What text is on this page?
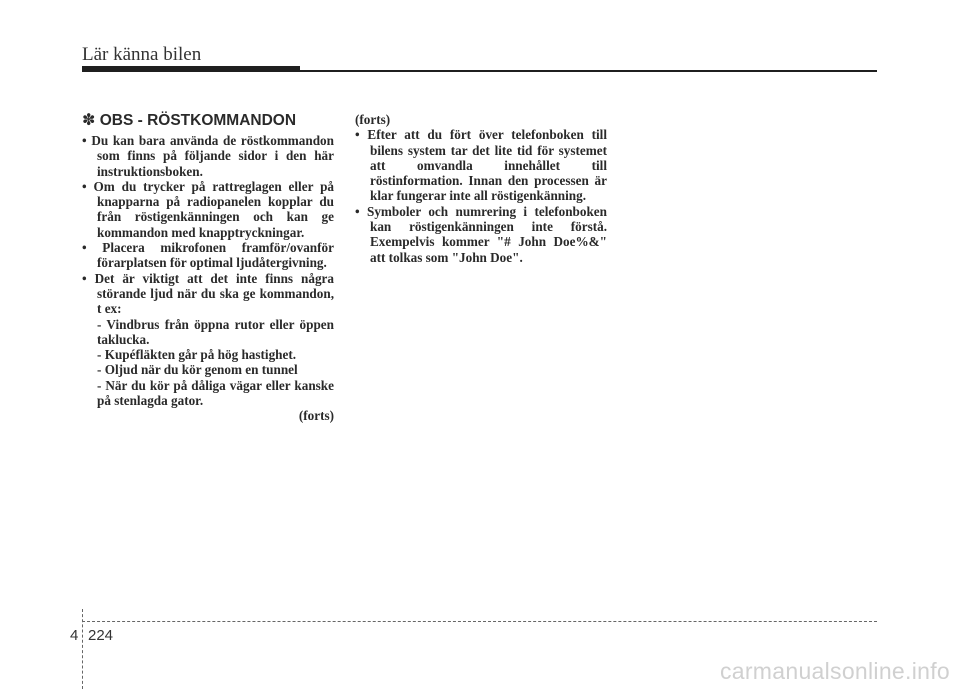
Lär känna bilen
✽ OBS - RÖSTKOMMANDON
• Du kan bara använda de röstkommandon som finns på följande sidor i den här instruktionsboken.
• Om du trycker på rattreglagen eller på knapparna på radiopanelen kopplar du från röstigenkänningen och kan ge kommandon med knapptryckningar.
• Placera mikrofonen framför/ovanför förarplatsen för optimal ljudåtergivning.
• Det är viktigt att det inte finns några störande ljud när du ska ge kommandon, t ex:
- Vindbrus från öppna rutor eller öppen taklucka.
- Kupéfläkten går på hög hastighet.
- Oljud när du kör genom en tunnel
- När du kör på dåliga vägar eller kanske på stenlagda gator.
(forts)
(forts)
• Efter att du fört över telefonboken till bilens system tar det lite tid för systemet att omvandla innehållet till röstinformation. Innan den processen är klar fungerar inte all röstigenkänning.
• Symboler och numrering i telefonboken kan röstigenkänningen inte förstå. Exempelvis kommer "# John Doe%&" att tolkas som "John Doe".
4 224
carmanualsonline.info
